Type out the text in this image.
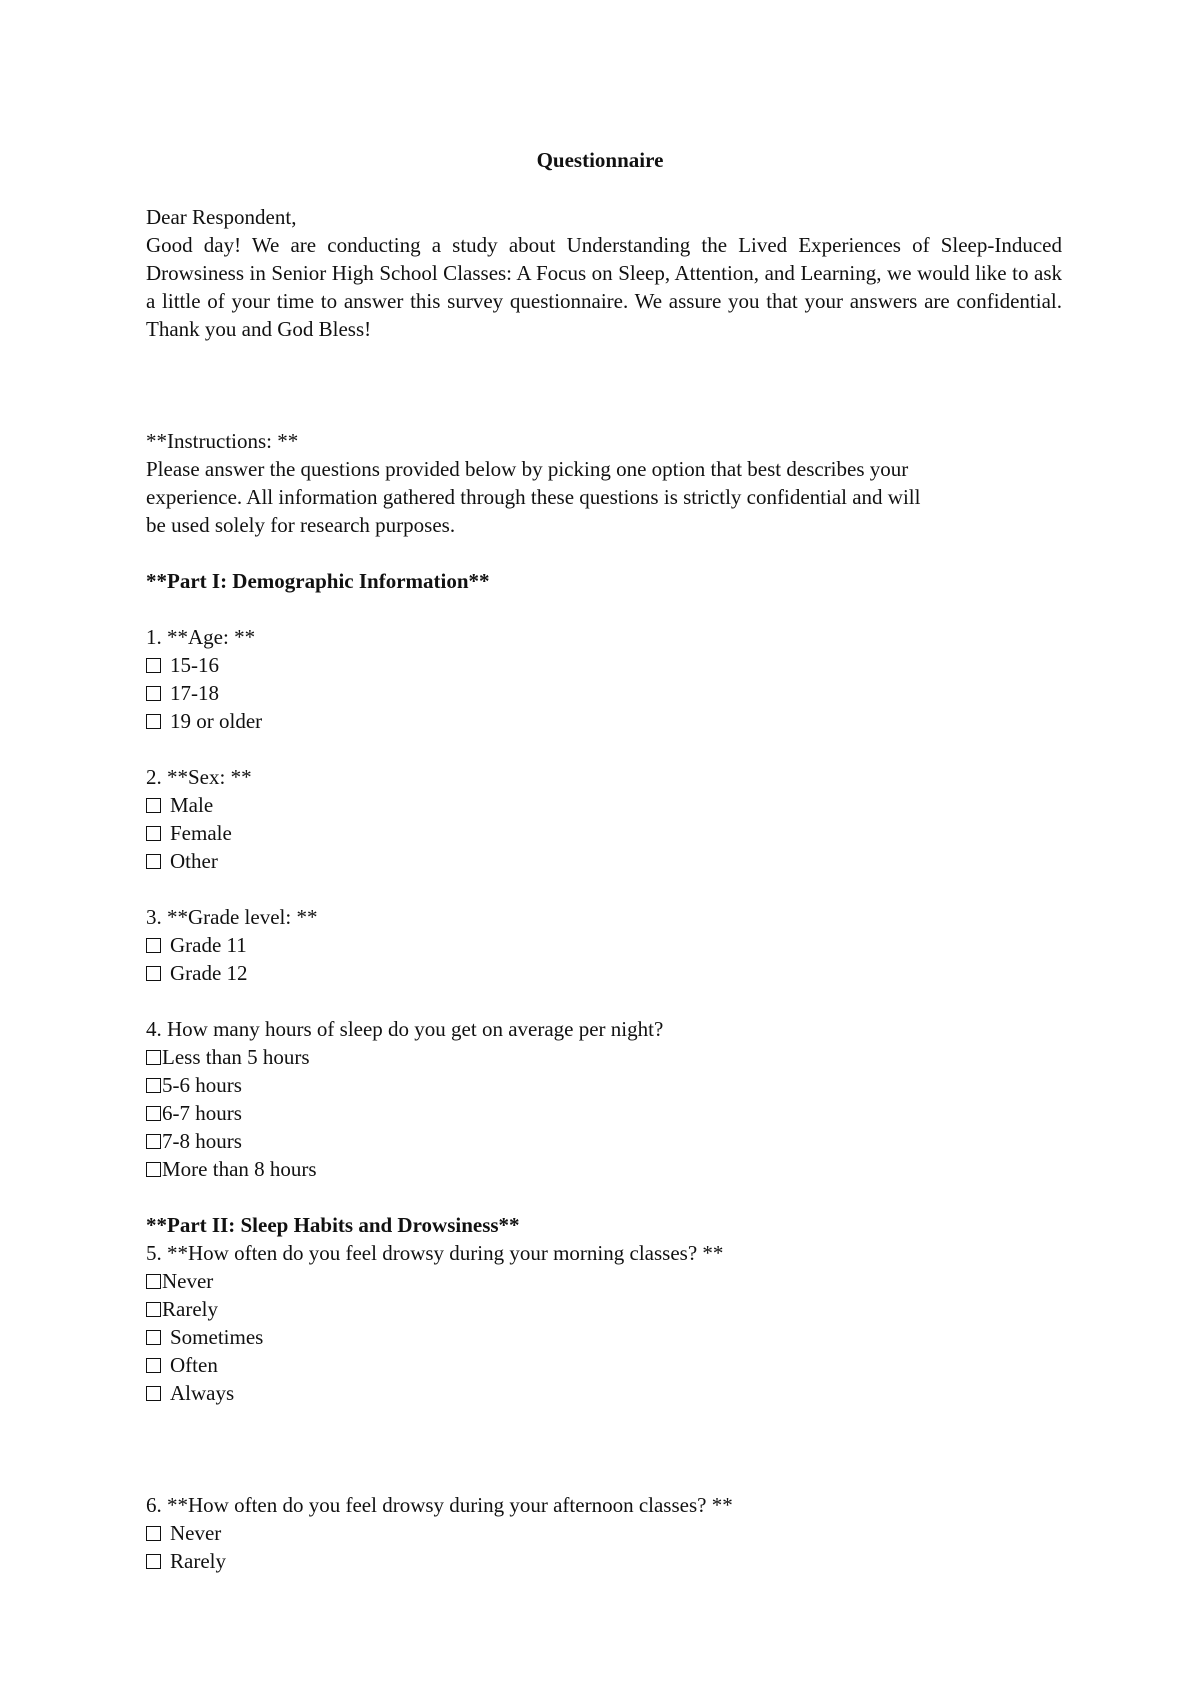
Questionnaire

Dear Respondent,

Good day! We are conducting a study about Understanding the Lived Experiences of Sleep-Induced Drowsiness in Senior High School Classes: A Focus on Sleep, Attention, and Learning, we would like to ask a little of your time to answer this survey questionnaire. We assure you that your answers are confidential. Thank you and God Bless!

**Instructions: **

Please answer the questions provided below by picking one option that best describes your

experience. All information gathered through these questions is strictly confidential and will

be used solely for research purposes.

**Part I: Demographic Information**

1. **Age: **

15-16
17-18
19 or older

2. **Sex: **

Male
Female
Other

3. **Grade level: **

Grade 11
Grade 12

4. How many hours of sleep do you get on average per night?

Less than 5 hours
5-6 hours
6-7 hours
7-8 hours
More than 8 hours

**Part II: Sleep Habits and Drowsiness**

5. **How often do you feel drowsy during your morning classes? **

Never
Rarely
Sometimes
Often
Always

6. **How often do you feel drowsy during your afternoon classes? **

Never
Rarely
